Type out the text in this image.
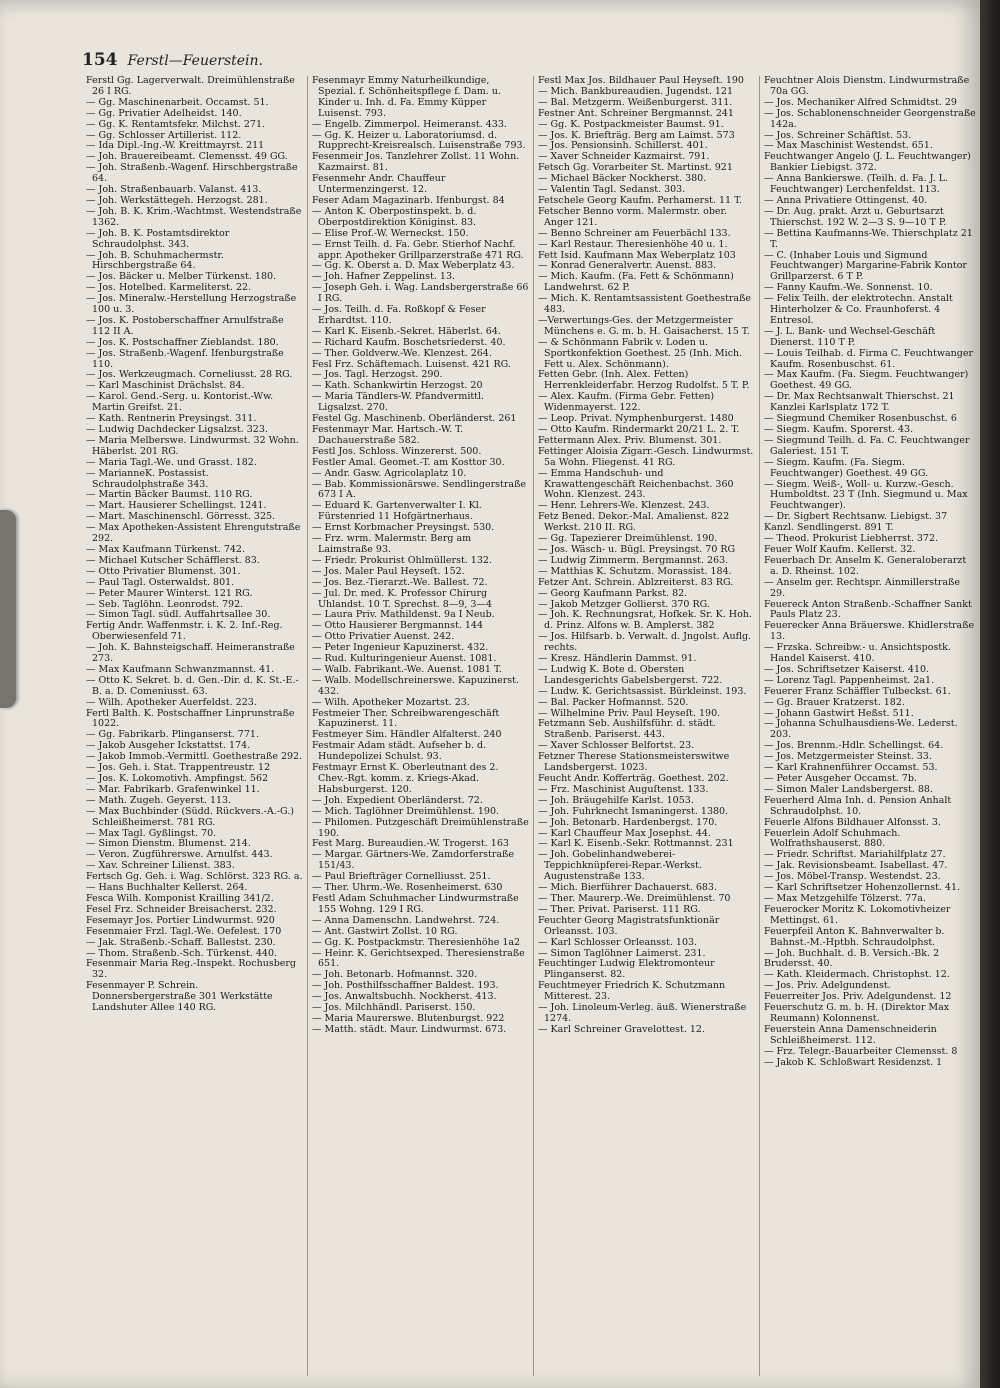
154 Ferstl—Feuerstein.

Ferstl Gg. Lagerverwalt. Dreimühlenstraße 26 I RG.

— Gg. Maschinenarbeit. Occamst. 51.

— Gg. Privatier Adelheidst. 140.

— Gg. K. Rentamtsfekr. Milchst. 271.

— Gg. Schlosser Artillerist. 112.

— Ida Dipl.-Ing.-W. Kreittmayrst. 211

— Joh. Brauereibeamt. Clemensst. 49 GG.

— Joh. Straßenb.-Wagenf. Hirschbergstraße 64.

— Joh. Straßenbauarb. Valanst. 413.

— Joh. Werkstättegeh. Herzogst. 281.

— Joh. B. K. Krim.-Wachtmst. Westendstraße 1362.

— Joh. B. K. Postamtsdirektor Schraudolphst. 343.

— Joh. B. Schuhmachermstr. Hirschbergstraße 64.

— Jos. Bäcker u. Melber Türkenst. 180.

— Jos. Hotelbed. Karmeliterst. 22.

— Jos. Mineralw.-Herstellung Herzogstraße 100 u. 3.

— Jos. K. Postoberschaffner Arnulfstraße 112 II A.

— Jos. K. Postschaffner Zieblandst. 180.

— Jos. Straßenb.-Wagenf. Ifenburgstraße 110.

— Jos. Werkzeugmach. Corneliusst. 28 RG.

— Karl Maschinist Drächslst. 84.

— Karol. Gend.-Serg. u. Kontorist.-Ww. Martin Greifst. 21.

— Kath. Rentnerin Preysingst. 311.

— Ludwig Dachdecker Ligsalzst. 323.

— Maria Melberswe. Lindwurmst. 32 Wohn. Häberlst. 201 RG.

— Maria Tagl.-We. und Grasst. 182.

— MarianneK. Postassist. Schraudolphstraße 343.

— Martin Bäcker Baumst. 110 RG.

— Mart. Hausierer Schellingst. 1241.

— Mart. Maschinenschl. Görresst. 325.

— Max Apotheken-Assistent Ehrengutstraße 292.

— Max Kaufmann Türkenst. 742.

— Michael Kutscher Schäfflerst. 83.

— Otto Privatier Blumenst. 301.

— Paul Tagl. Osterwaldst. 801.

— Peter Maurer Winterst. 121 RG.

— Seb. Taglöhn. Leonrodst. 792.

— Simon Tagl. südl. Auffahrtsallee 30.

Fertig Andr. Waffenmstr. i. K. 2. Inf.-Reg. Oberwiesenfeld 71.

— Joh. K. Bahnsteigschaff. Heimeranstraße 273.

— Max Kaufmann Schwanzmannst. 41.

— Otto K. Sekret. b. d. Gen.-Dir. d. K. St.-E.-B. a. D. Comeniusst. 63.

— Wilh. Apotheker Auerfeldst. 223.

Fertl Balth. K. Postschaffner Linprunstraße 1022.

— Gg. Fabrikarb. Plinganserst. 771.

— Jakob Ausgeher Ickstattst. 174.

— Jakob Immob.-Vermittl. Goethestraße 292.

— Jos. Geh. i. Stat. Trappentreustr. 12

— Jos. K. Lokomotivh. Ampfingst. 562

— Mar. Fabrikarb. Grafenwinkel 11.

— Math. Zugeh. Geyerst. 113.

— Max Buchbinder (Südd. Rückvers.-A.-G.) Schleißheimerst. 781 RG.

— Max Tagl. Gyßlingst. 70.

— Simon Dienstm. Blumenst. 214.

— Veron. Zugführerswe. Arnulfst. 443.

— Xav. Schreiner Lilienst. 383.

Fertsch Gg. Geh. i. Wag. Schlörst. 323 RG. a.

— Hans Buchhalter Kellerst. 264.

Fesca Wilh. Komponist Krailling 341/2.

Fesel Frz. Schneider Breisacherst. 232.

Fesemayr Jos. Portier Lindwurmst. 920

Fesenmaier Frzl. Tagl.-We. Oefelest. 170

— Jak. Straßenb.-Schaff. Ballestst. 230.

— Thom. Straßenb.-Sch. Türkenst. 440.

Fesenmair Maria Reg.-Inspekt. Rochusberg 32.

Fesenmayer P. Schrein. Donnersbergerstraße 301 Werkstätte Landshuter Allee 140 RG.

Fesenmayr Emmy Naturheilkundige, Spezial. f. Schönheitspflege f. Dam. u. Kinder u. Inh. d. Fa. Emmy Küpper Luisenst. 793.

— Engelb. Zimmerpol. Heimeranst. 433.

— Gg. K. Heizer u. Laboratoriumsd. d. Rupprecht-Kreisrealsch. Luisenstraße 793.

Fesenmeir Jos. Tanzlehrer Zollst. 11 Wohn. Kazmairst. 81.

Fesenmehr Andr. Chauffeur Untermenzingerst. 12.

Feser Adam Magazinarb. Ifenburgst. 84

— Anton K. Oberpostinspekt. b. d. Oberpostdirektion Königinst. 83.

— Elise Prof.-W. Werneckst. 150.

— Ernst Teilh. d. Fa. Gebr. Stierhof Nachf. appr. Apotheker Grillparzerstraße 471 RG.

— Gg. K. Oberst a. D. Max Weberplatz 43.

— Joh. Hafner Zeppelinst. 13.

— Joseph Geh. i. Wag. Landsbergerstraße 66 I RG.

— Jos. Teilh. d. Fa. Roßkopf & Feser Erhardtst. 110.

— Karl K. Eisenb.-Sekret. Häberlst. 64.

— Richard Kaufm. Boschetsriederst. 40.

— Ther. Goldverw.-We. Klenzest. 264.

Fesl Frz. Schäftemach. Luisenst. 421 RG.

— Jos. Tagl. Herzogst. 290.

— Kath. Schankwirtin Herzogst. 20

— Maria Tändlers-W. Pfandvermittl. Ligsalzst. 270.

Festel Gg. Maschinenb. Oberländerst. 261

Festenmayr Mar. Hartsch.-W. T. Dachauerstraße 582.

Festl Jos. Schloss. Winzererst. 500.

Festler Amal. Geomet.-T. am Kosttor 30.

— Andr. Gasw. Agricolaplatz 10.

— Bab. Kommissionärswe. Sendlingerstraße 673 I A.

— Eduard K. Gartenverwalter I. Kl. Fürstenried 11 Hofgärtnerhaus.

— Ernst Korbmacher Preysingst. 530.

— Frz. wrm. Malermstr. Berg am Laimstraße 93.

— Friedr. Prokurist Ohlmüllerst. 132.

— Jos. Maler Paul Heyseſt. 152.

— Jos. Bez.-Tierarzt.-We. Ballest. 72.

— Jul. Dr. med. K. Professor Chirurg Uhlandst. 10 T. Sprechst. 8—9, 3—4

— Laura Priv. Mathildenst. 9a I Neub.

— Otto Hausierer Bergmannst. 144

— Otto Privatier Auenst. 242.

— Peter Ingenieur Kapuzinerst. 432.

— Rud. Kulturingenieur Auenst. 1081.

— Walb. Fabrikant.-We. Auenst. 1081 T.

— Walb. Modellschreinerswe. Kapuzinerst. 432.

— Wilh. Apotheker Mozartst. 23.

Festmeier Ther. Schreibwarengeschäft Kapuzinerst. 11.

Festmeyer Sim. Händler Alfalterst. 240

Festmair Adam städt. Aufseher b. d. Hundepolizei Schulst. 93.

Festmayr Ernst K. Oberleutnant des 2. Chev.-Rgt. komm. z. Kriegs-Akad. Habsburgerst. 120.

— Joh. Expedient Oberländerst. 72.

— Mich. Taglöhner Dreimühlenst. 190.

— Philomen. Putzgeschäft Dreimühlenstraße 190.

Fest Marg. Bureaudien.-W. Trogerst. 163

— Margar. Gärtners-We. Zamdorferstraße 151/43.

— Paul Briefträger Cornelliusst. 251.

— Ther. Uhrm.-We. Rosenheimerst. 630

Festl Adam Schuhmacher Lindwurmstraße 155 Wohng. 129 I RG.

— Anna Damenschn. Landwehrst. 724.

— Ant. Gastwirt Zollst. 10 RG.

— Gg. K. Postpackmstr. Theresienhöhe 1a2

— Heinr. K. Gerichtsexped. Theresienstraße 651.

— Joh. Betonarb. Hofmannst. 320.

— Joh. Posthilfsschaffner Baldest. 193.

— Jos. Anwaltsbuchh. Nockherst. 413.

— Jos. Milchhändl. Pariserst. 150.

— Maria Maurerswe. Blutenburgst. 922

— Matth. städt. Maur. Lindwurmst. 673.

Festl Max Jos. Bildhauer Paul Heyseſt. 190

— Mich. Bankbureaudien. Jugendst. 121

— Bal. Metzgerm. Weißenburgerst. 311.

Festner Ant. Schreiner Bergmannst. 241

— Gg. K. Postpackmeister Baumst. 91.

— Jos. K. Briefträg. Berg am Laimst. 573

— Jos. Pensionsinh. Schillerst. 401.

— Xaver Schneider Kazmairst. 791.

Fetsch Gg. Vorarbeiter St. Martinst. 921

— Michael Bäcker Nockherst. 380.

— Valentin Tagl. Sedanst. 303.

Fetschele Georg Kaufm. Perhamerst. 11 T.

Fetscher Benno vorm. Malermstr. ober. Anger 121.

— Benno Schreiner am Feuerbächl 133.

— Karl Restaur. Theresienhöhe 40 u. 1.

Fett Isid. Kaufmann Max Weberplatz 103

— Konrad Generalvertr. Auenst. 883.

— Mich. Kaufm. (Fa. Fett & Schönmann) Landwehrst. 62 P.

— Mich. K. Rentamtsassistent Goethestraße 483.

—Verwertungs-Ges. der Metzgermeister Münchens e. G. m. b. H. Gaisacherst. 15 T.

— & Schönmann Fabrik v. Loden u. Sportkonfektion Goethest. 25 (Inh. Mich. Fett u. Alex. Schönmann).

Fetten Gebr. (Inh. Alex. Fetten) Herrenkleiderfabr. Herzog Rudolfst. 5 T. P.

— Alex. Kaufm. (Firma Gebr. Fetten) Widenmayerst. 122.

— Leop. Privat. Nymphenburgerst. 1480

— Otto Kaufm. Rindermarkt 20/21 L. 2. T.

Fettermann Alex. Priv. Blumenst. 301.

Fettinger Aloisia Zigarr.-Gesch. Lindwurmst. 5a Wohn. Fliegenst. 41 RG.

— Emma Handschuh- und Krawattengeschäft Reichenbachst. 360 Wohn. Klenzest. 243.

— Henr. Lehrers-We. Klenzest. 243.

Fetz Bened. Dekor.-Mal. Amalienst. 822 Werkst. 210 II. RG.

— Gg. Tapezierer Dreimühlenst. 190.

— Jos. Wäsch- u. Bügl. Preysingst. 70 RG

— Ludwig Zimmerm. Bergmannst. 263.

— Matthias K. Schutzm. Morassist. 184.

Fetzer Ant. Schrein. Ablzreiterst. 83 RG.

— Georg Kaufmann Parkst. 82.

— Jakob Metzger Gollierst. 370 RG.

— Joh. K. Rechnungsrat, Hofkek. Sr. K. Hoh. d. Prinz. Alfons w. B. Amplerst. 382

— Jos. Hilfsarb. b. Verwalt. d. Jngolst. Auflg. rechts.

— Kresz. Händlerin Dammst. 91.

— Ludwig K. Bote d. Obersten Landesgerichts Gabelsbergerst. 722.

— Ludw. K. Gerichtsassist. Bürkleinst. 193.

— Bal. Packer Hofmannst. 520.

— Wilhelmine Priv. Paul Heyseſt. 190.

Fetzmann Seb. Aushilfsführ. d. städt. Straßenb. Pariserst. 443.

— Xaver Schlosser Belfortst. 23.

Fetzner Therese Stationsmeisterswitwe Landsbergerst. 1023.

Feucht Andr. Kofferträg. Goethest. 202.

— Frz. Maschinist Auguſtenst. 133.

— Joh. Bräugehilfe Karlst. 1053.

— Joh. Fuhrknecht Ismaningerst. 1380.

— Joh. Betonarb. Hardenbergst. 170.

— Karl Chauffeur Max Josephst. 44.

— Karl K. Eisenb.-Sekr. Rottmannst. 231

— Joh. Gobelinhandweberei-Teppichknüpferei-Repar.-Werkst. Augustenstraße 133.

— Mich. Bierführer Dachauerst. 683.

— Ther. Maurerp.-We. Dreimühlenst. 70

— Ther. Privat. Pariserst. 111 RG.

Feuchter Georg Magistratsfunktionär Orleansst. 103.

— Karl Schlosser Orleansst. 103.

— Simon Taglöhner Laimerst. 231.

Feuchtinger Ludwig Elektromonteur Plinganserst. 82.

Feuchtmeyer Friedrich K. Schutzmann Mitterest. 23.

— Joh. Linoleum-Verleg. äuß. Wienerstraße 1274.

— Karl Schreiner Gravelottest. 12.

Feuchtner Alois Dienstm. Lindwurmstraße 70a GG.

— Jos. Mechaniker Alfred Schmidtst. 29

— Jos. Schablonenschneider Georgenstraße 142a.

— Jos. Schreiner Schäftlst. 53.

— Max Maschinist Westendst. 651.

Feuchtwanger Angelo (J. L. Feuchtwanger) Bankier Liebigst. 372.

— Anna Bankierswe. (Teilh. d. Fa. J. L. Feuchtwanger) Lerchenfeldst. 113.

— Anna Privatiere Ottingenst. 40.

— Dr. Aug. prakt. Arzt u. Geburtsarzt Thierschst. 192 W. 2—3 S. 9—10 T P.

— Bettina Kaufmanns-We. Thierschplatz 21 T.

— C. (Inhaber Louis und Sigmund Feuchtwanger) Margarine-Fabrik Kontor Grillparzerst. 6 T P.

— Fanny Kaufm.-We. Sonnenst. 10.

— Felix Teilh. der elektrotechn. Anstalt Hinterholzer & Co. Fraunhoferst. 4 Entresol.

— J. L. Bank- und Wechsel-Geschäft Dienerst. 110 T P.

— Louis Teilhab. d. Firma C. Feuchtwanger Kaufm. Rosenbuschst. 61.

— Max Kaufm. (Fa. Siegm. Feuchtwanger) Goethest. 49 GG.

— Dr. Max Rechtsanwalt Thierschst. 21 Kanzlei Karlsplatz 172 T.

— Siegmund Chemiker Rosenbuschst. 6

— Siegm. Kaufm. Sporerst. 43.

— Siegmund Teilh. d. Fa. C. Feuchtwanger Galeriest. 151 T.

— Siegm. Kaufm. (Fa. Siegm. Feuchtwanger) Goethest. 49 GG.

— Siegm. Weiß-, Woll- u. Kurzw.-Gesch. Humboldtst. 23 T (Inh. Siegmund u. Max Feuchtwanger).

— Dr. Sigbert Rechtsanw. Liebigst. 37

Kanzl. Sendlingerst. 891 T.

— Theod. Prokurist Liebherrst. 372.

Feuer Wolf Kaufm. Kellerst. 32.

Feuerbach Dr. Anselm K. Generaloberarzt a. D. Rheinst. 102.

— Anselm ger. Rechtspr. Ainmillerstraße 29.

Feuereck Anton Straßenb.-Schaffner Sankt Pauls Platz 23.

Feuerecker Anna Bräuerswe. Khidlerstraße 13.

— Frzska. Schreibw.- u. Ansichtspostk. Handel Kaiserst. 410.

— Jos. Schriftsetzer Kaiserst. 410.

— Lorenz Tagl. Pappenheimst. 2a1.

Feuerer Franz Schäffler Tulbeckst. 61.

— Gg. Brauer Kratzerst. 182.

— Johann Gastwirt Heßst. 511.

— Johanna Schulhausdiens-We. Lederst. 203.

— Jos. Brennm.-Hdlr. Schellingst. 64.

— Jos. Metzgermeister Steinst. 33.

— Karl Krahnenführer Occamst. 53.

— Peter Ausgeher Occamst. 7b.

— Simon Maler Landsbergerst. 88.

Feuerherd Alma Inh. d. Pension Anhalt Schraudolphst. 10.

Feuerle Alfons Bildhauer Alfonsst. 3.

Feuerlein Adolf Schuhmach. Wolfrathshauserst. 880.

— Friedr. Schriftst. Mariahilfplatz 27.

— Jak. Revisionsbeamt. Isabellast. 47.

— Jos. Möbel-Transp. Westendst. 23.

— Karl Schriftsetzer Hohenzollernst. 41.

— Max Metzgehilfe Tölzerst. 77a.

Feuerocker Moritz K. Lokomotivheizer Mettingst. 61.

Feuerpfeil Anton K. Bahnverwalter b. Bahnst.-M.-Hptbh. Schraudolphst.

— Joh. Buchhalt. d. B. Versich.-Bk. 2

Brudersst. 40.

— Kath. Kleidermach. Christophst. 12.

— Jos. Priv. Adelgundenst.

Feuerreiter Jos. Priv. Adelgundenst. 12

Feuerschutz G. m. b. H. (Direktor Max Reumann) Kolonnenst.

Feuerstein Anna Damenschneiderin Schleißheimerst. 112.

— Frz. Telegr.-Bauarbeiter Clemensst. 8

— Jakob K. Schloßwart Residenzst. 1
